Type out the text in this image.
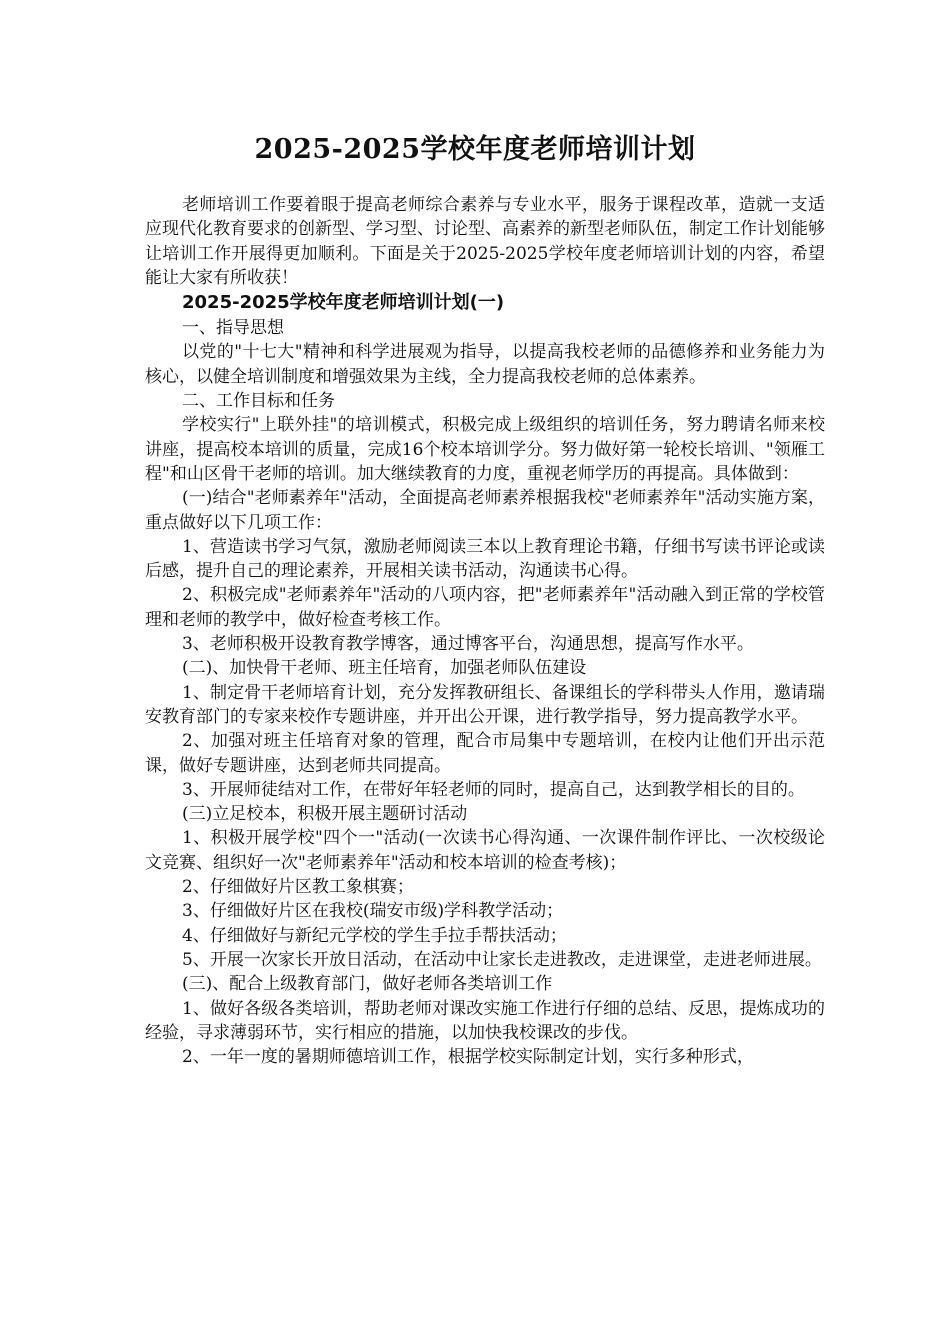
2025-2025学校年度老师培训计划

老师培训工作要着眼于提高老师综合素养与专业水平，服务于课程改革，造就一支适应现代化教育要求的创新型、学习型、讨论型、高素养的新型老师队伍，制定工作计划能够让培训工作开展得更加顺利。下面是关于2025-2025学校年度老师培训计划的内容，希望能让大家有所收获！

2025-2025学校年度老师培训计划(一)

一、指导思想

以党的"十七大"精神和科学进展观为指导，以提高我校老师的品德修养和业务能力为核心，以健全培训制度和增强效果为主线，全力提高我校老师的总体素养。

二、工作目标和任务

学校实行"上联外挂"的培训模式，积极完成上级组织的培训任务，努力聘请名师来校讲座，提高校本培训的质量，完成16个校本培训学分。努力做好第一轮校长培训、"领雁工程"和山区骨干老师的培训。加大继续教育的力度，重视老师学历的再提高。具体做到：

(一)结合"老师素养年"活动，全面提高老师素养根据我校"老师素养年"活动实施方案，重点做好以下几项工作：

1、营造读书学习气氛，激励老师阅读三本以上教育理论书籍，仔细书写读书评论或读后感，提升自己的理论素养，开展相关读书活动，沟通读书心得。

2、积极完成"老师素养年"活动的八项内容，把"老师素养年"活动融入到正常的学校管理和老师的教学中，做好检查考核工作。

3、老师积极开设教育教学博客，通过博客平台，沟通思想，提高写作水平。

(二)、加快骨干老师、班主任培育，加强老师队伍建设

1、制定骨干老师培育计划，充分发挥教研组长、备课组长的学科带头人作用，邀请瑞安教育部门的专家来校作专题讲座，并开出公开课，进行教学指导，努力提高教学水平。

2、加强对班主任培育对象的管理，配合市局集中专题培训，在校内让他们开出示范课，做好专题讲座，达到老师共同提高。

3、开展师徒结对工作，在带好年轻老师的同时，提高自己，达到教学相长的目的。

(三)立足校本，积极开展主题研讨活动

1、积极开展学校"四个一"活动(一次读书心得沟通、一次课件制作评比、一次校级论文竞赛、组织好一次"老师素养年"活动和校本培训的检查考核)；

2、仔细做好片区教工象棋赛；

3、仔细做好片区在我校(瑞安市级)学科教学活动；

4、仔细做好与新纪元学校的学生手拉手帮扶活动；

5、开展一次家长开放日活动，在活动中让家长走进教改，走进课堂，走进老师进展。

(三)、配合上级教育部门，做好老师各类培训工作

1、做好各级各类培训，帮助老师对课改实施工作进行仔细的总结、反思，提炼成功的经验，寻求薄弱环节，实行相应的措施，以加快我校课改的步伐。

2、一年一度的暑期师德培训工作，根据学校实际制定计划，实行多种形式，
